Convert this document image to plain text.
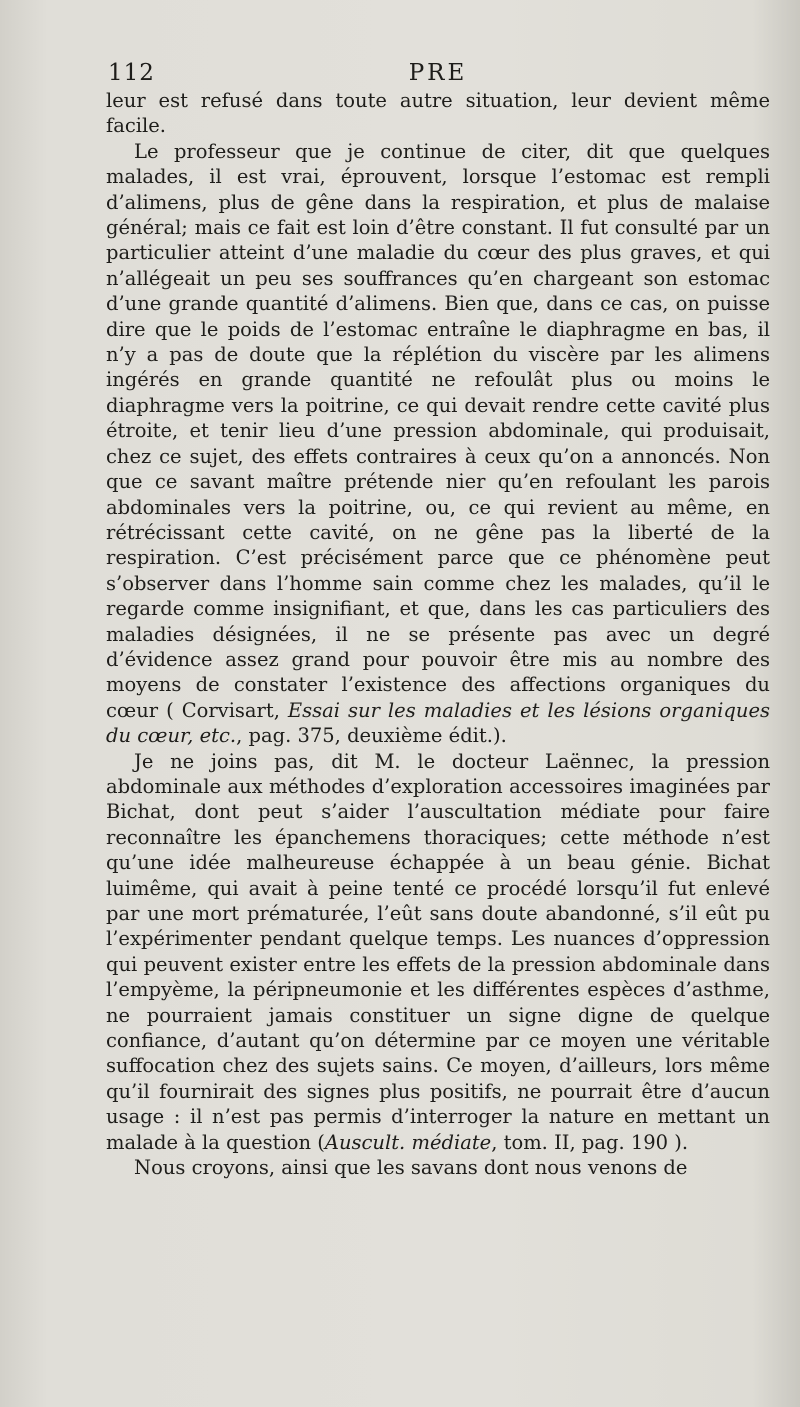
112	PRE

leur est refusé dans toute autre situation, leur devient même facile.

Le professeur que je continue de citer, dit que quelques malades, il est vrai, éprouvent, lorsque l’estomac est rempli d’alimens, plus de gêne dans la respiration, et plus de malaise général; mais ce fait est loin d’être constant. Il fut consulté par un particulier atteint d’une maladie du cœur des plus graves, et qui n’allégeait un peu ses souffrances qu’en chargeant son estomac d’une grande quantité d’alimens. Bien que, dans ce cas, on puisse dire que le poids de l’estomac entraîne le diaphragme en bas, il n’y a pas de doute que la réplétion du viscère par les alimens ingérés en grande quantité ne refoulât plus ou moins le diaphragme vers la poitrine, ce qui devait rendre cette cavité plus étroite, et tenir lieu d’une pression abdominale, qui produisait, chez ce sujet, des effets contraires à ceux qu’on a annoncés. Non que ce savant maître prétende nier qu’en refoulant les parois abdominales vers la poitrine, ou, ce qui revient au même, en rétrécissant cette cavité, on ne gêne pas la liberté de la respiration. C’est précisément parce que ce phénomène peut s’observer dans l’homme sain comme chez les malades, qu’il le regarde comme insignifiant, et que, dans les cas particuliers des maladies désignées, il ne se présente pas avec un degré d’évidence assez grand pour pouvoir être mis au nombre des moyens de constater l’existence des affections organiques du cœur ( Corvisart, Essai sur les maladies et les lésions organiques du cœur, etc., pag. 375, deuxième édit.).

Je ne joins pas, dit M. le docteur Laënnec, la pression abdominale aux méthodes d’exploration accessoires imaginées par Bichat, dont peut s’aider l’auscultation médiate pour faire reconnaître les épanchemens thoraciques; cette méthode n’est qu’une idée malheureuse échappée à un beau génie. Bichat luimême, qui avait à peine tenté ce procédé lorsqu’il fut enlevé par une mort prématurée, l’eût sans doute abandonné, s’il eût pu l’expérimenter pendant quelque temps. Les nuances d’oppression qui peuvent exister entre les effets de la pression abdominale dans l’empyème, la péripneumonie et les différentes espèces d’asthme, ne pourraient jamais constituer un signe digne de quelque confiance, d’autant qu’on détermine par ce moyen une véritable suffocation chez des sujets sains. Ce moyen, d’ailleurs, lors même qu’il fournirait des signes plus positifs, ne pourrait être d’aucun usage : il n’est pas permis d’interroger la nature en mettant un malade à la question (Auscult. médiate, tom. II, pag. 190 ).

Nous croyons, ainsi que les savans dont nous venons de
